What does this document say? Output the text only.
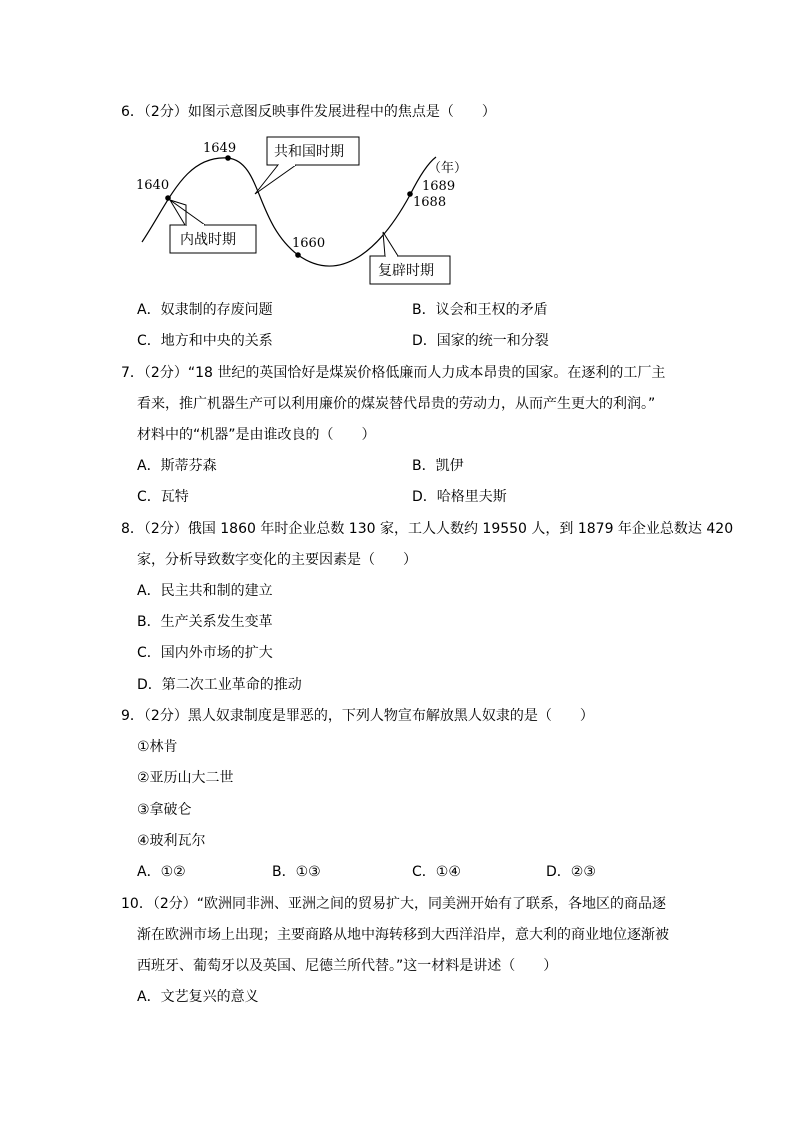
6．（2分）如图示意图反映事件发展进程中的焦点是（　　）
1640
1649
1660
1689
1688
（年）
共和国时期
内战时期
复辟时期
A．奴隶制的存废问题	B．议会和王权的矛盾
C．地方和中央的关系	D．国家的统一和分裂
7．（2分）“18 世纪的英国恰好是煤炭价格低廉而人力成本昂贵的国家。在逐利的工厂主
看来，推广机器生产可以利用廉价的煤炭替代昂贵的劳动力，从而产生更大的利润。”
材料中的“机器”是由谁改良的（　　）
A．斯蒂芬森	B．凯伊
C．瓦特	D．哈格里夫斯
8．（2分）俄国 1860 年时企业总数 130 家，工人人数约 19550 人，到 1879 年企业总数达 420
家，分析导致数字变化的主要因素是（　　）
A．民主共和制的建立
B．生产关系发生变革
C．国内外市场的扩大
D．第二次工业革命的推动
9．（2分）黑人奴隶制度是罪恶的，下列人物宣布解放黑人奴隶的是（　　）
①林肯
②亚历山大二世
③拿破仑
④玻利瓦尔
A．①②	B．①③	C．①④	D．②③
10．（2分）“欧洲同非洲、亚洲之间的贸易扩大，同美洲开始有了联系，各地区的商品逐
渐在欧洲市场上出现；主要商路从地中海转移到大西洋沿岸，意大利的商业地位逐渐被
西班牙、葡萄牙以及英国、尼德兰所代替。”这一材料是讲述（　　）
A．文艺复兴的意义
